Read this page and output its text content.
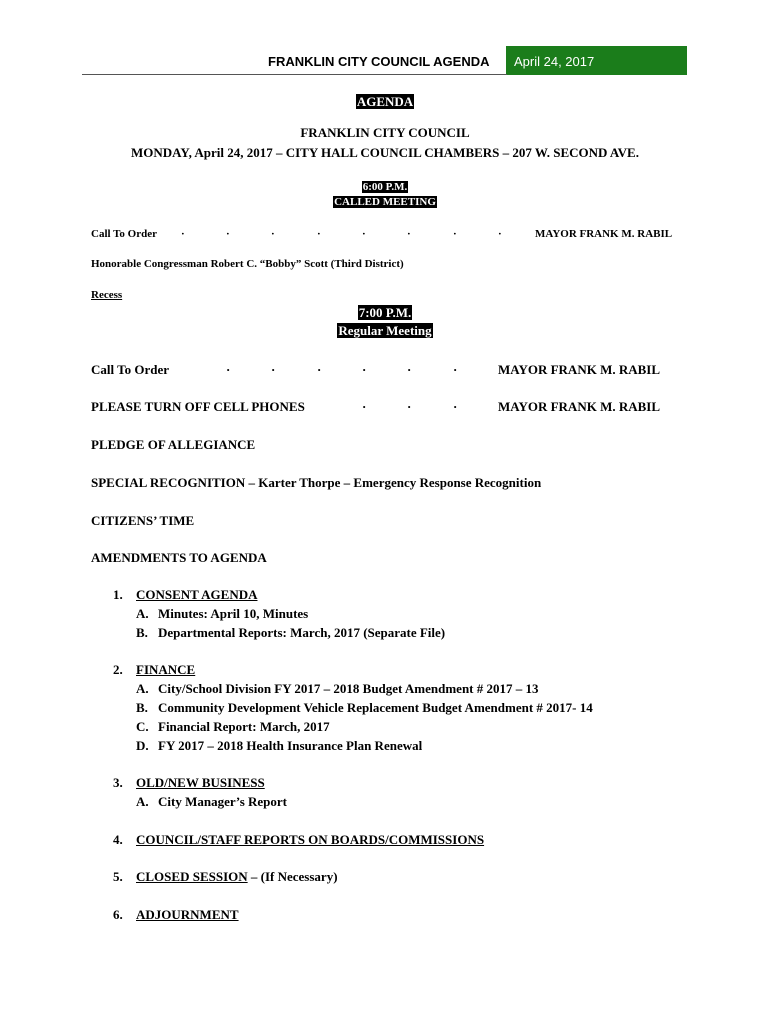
FRANKLIN CITY COUNCIL AGENDA April 24, 2017
AGENDA
FRANKLIN CITY COUNCIL
MONDAY, April 24, 2017 – CITY HALL COUNCIL CHAMBERS – 207 W. SECOND AVE.
6:00 P.M.
CALLED MEETING
Call To Order ·	·	·	·	·	·	·	·	MAYOR FRANK M. RABIL
Honorable Congressman Robert C. “Bobby” Scott (Third District)
Recess
7:00 P.M.
Regular Meeting
Call To Order	·	·	·	·	·	·	MAYOR FRANK M. RABIL
PLEASE TURN OFF CELL PHONES	·	·	·	MAYOR FRANK M. RABIL
PLEDGE OF ALLEGIANCE
SPECIAL RECOGNITION – Karter Thorpe – Emergency Response Recognition
CITIZENS’ TIME
AMENDMENTS TO AGENDA
1. CONSENT AGENDA
A. Minutes: April 10, Minutes
B. Departmental Reports: March, 2017 (Separate File)
2. FINANCE
A. City/School Division FY 2017 – 2018 Budget Amendment # 2017 – 13
B. Community Development Vehicle Replacement Budget Amendment # 2017- 14
C. Financial Report: March, 2017
D. FY 2017 – 2018 Health Insurance Plan Renewal
3. OLD/NEW BUSINESS
A. City Manager’s Report
4. COUNCIL/STAFF REPORTS ON BOARDS/COMMISSIONS
5. CLOSED SESSION – (If Necessary)
6. ADJOURNMENT
